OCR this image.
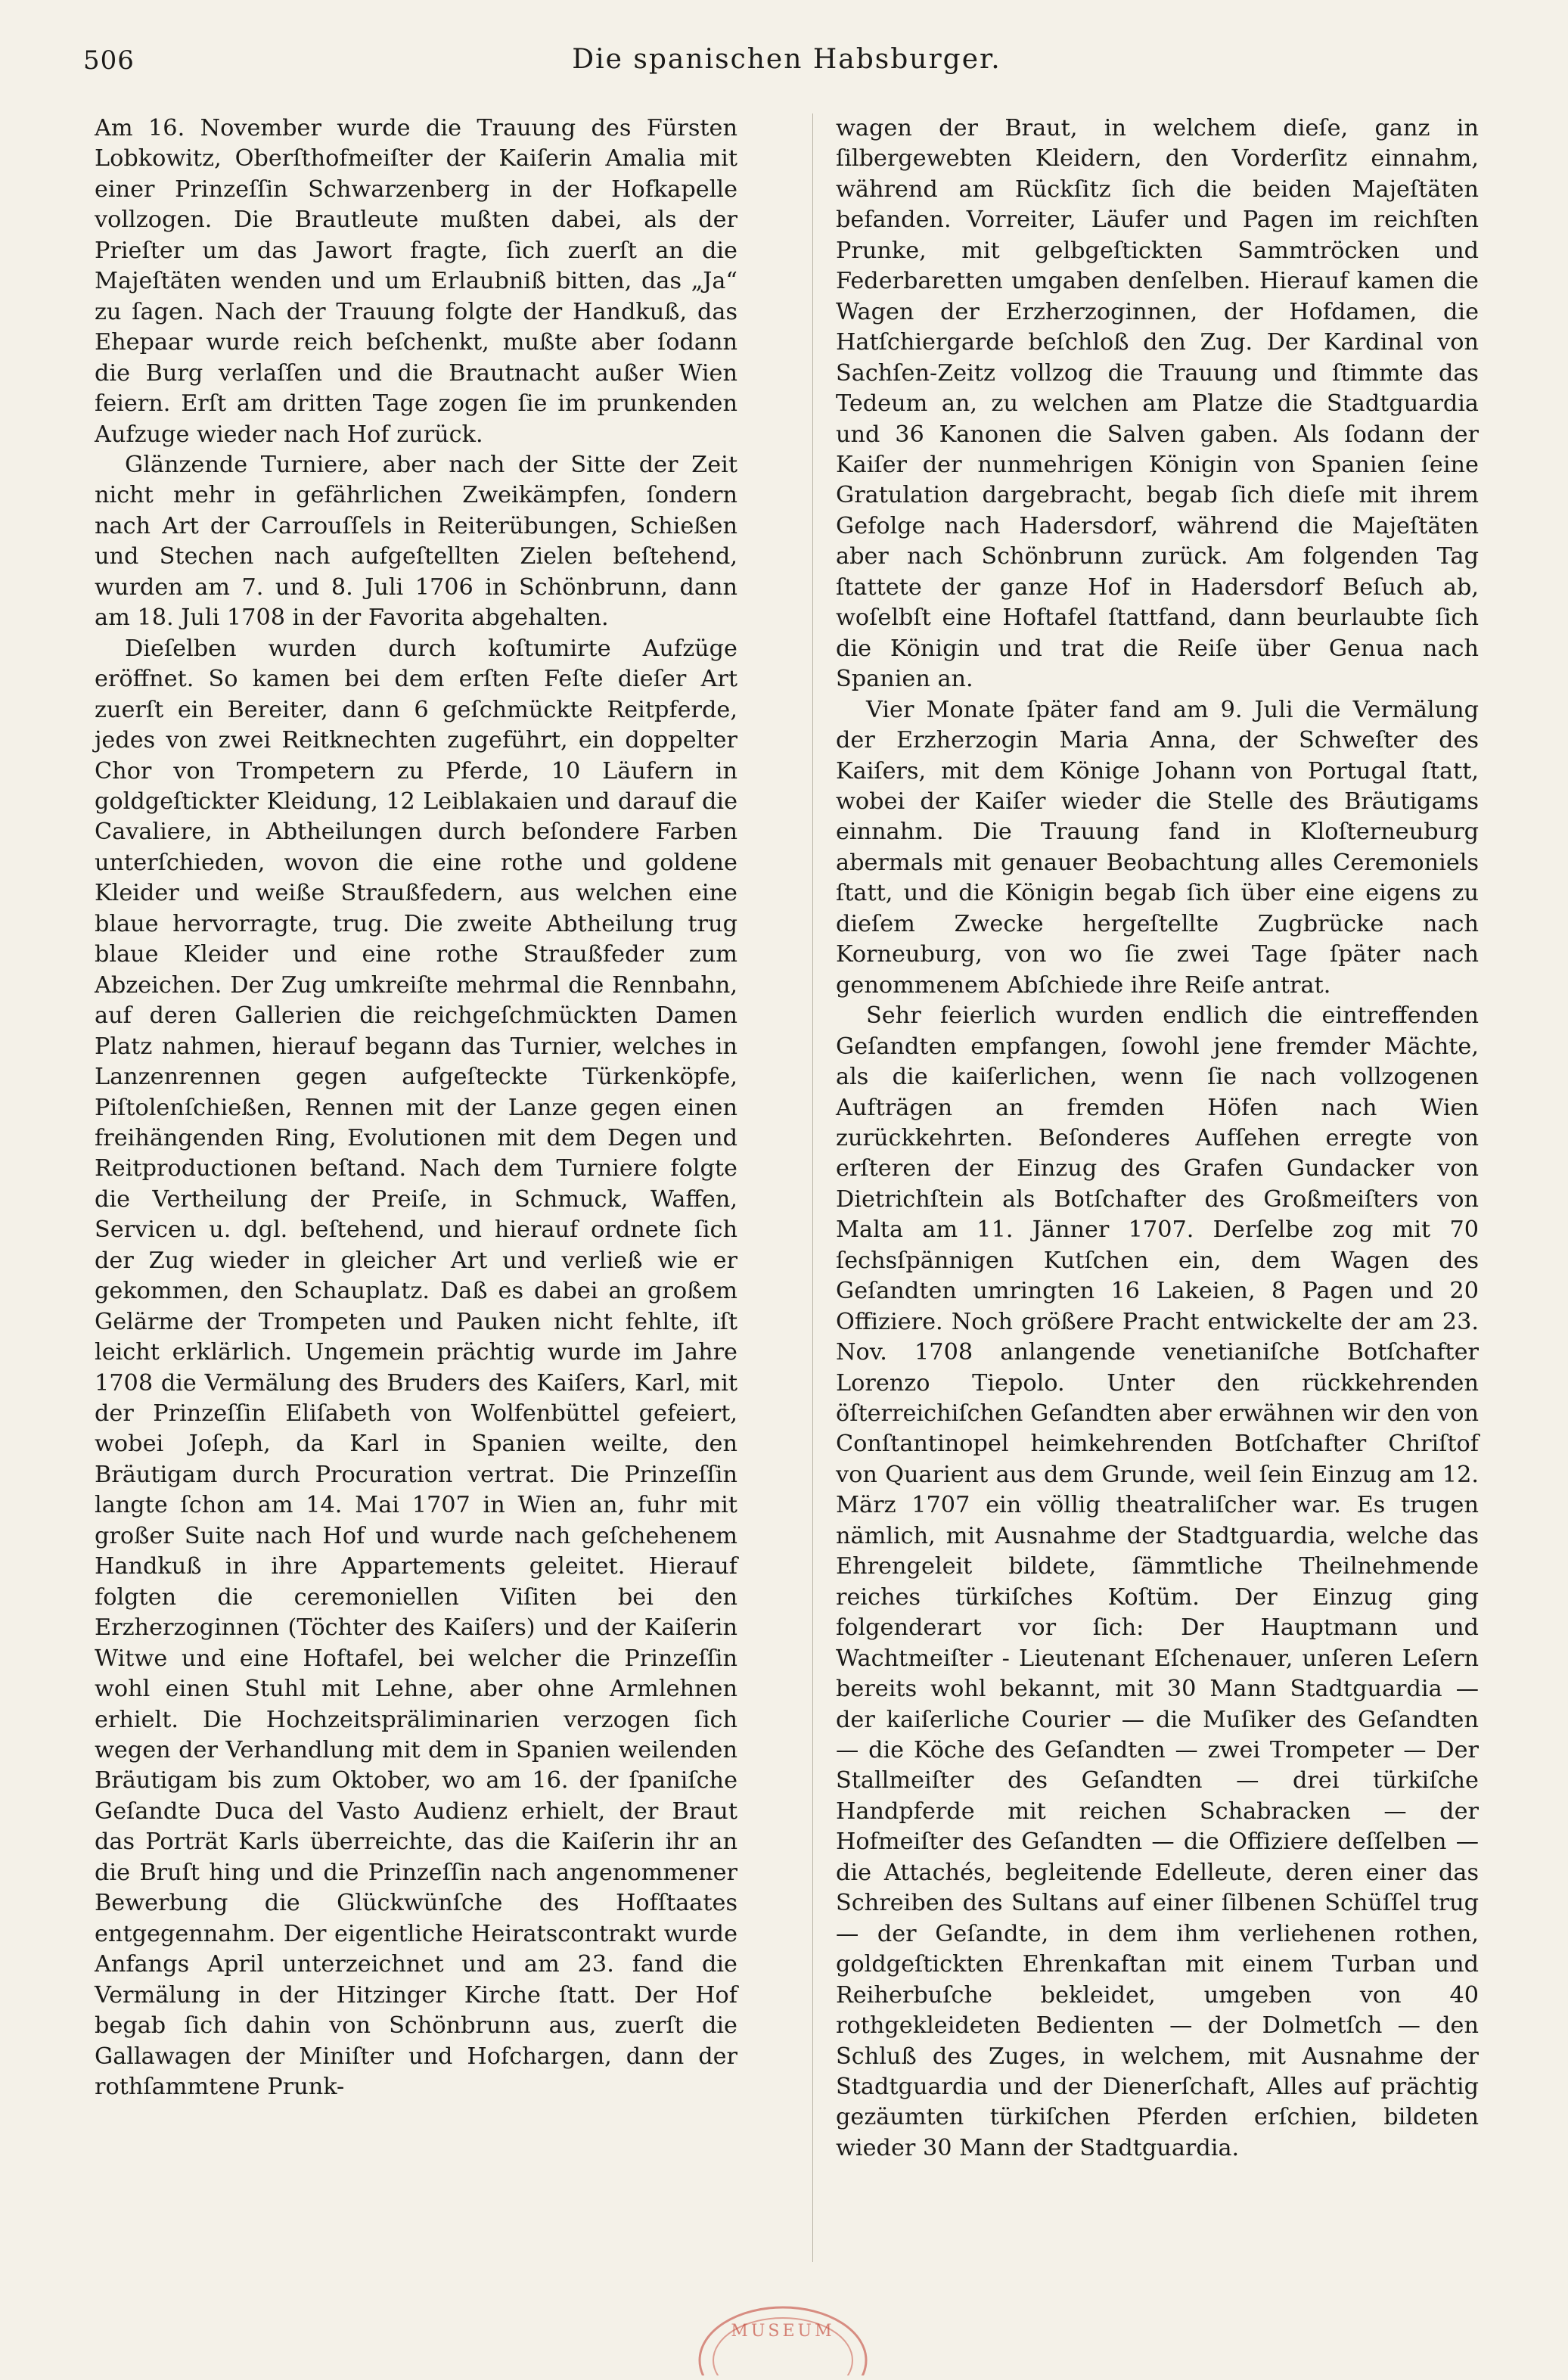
506	Die spanischen Habsburger.

Am 16. November wurde die Trauung des Fürsten Lobkowitz, Oberſthofmeiſter der Kaiſerin Amalia mit einer Prinzeſſin Schwarzenberg in der Hofkapelle vollzogen. Die Brautleute mußten dabei, als der Prieſter um das Jawort fragte, ſich zuerſt an die Majeſtäten wenden und um Erlaubniß bitten, das „Ja“ zu ſagen. Nach der Trauung folgte der Handkuß, das Ehepaar wurde reich beſchenkt, mußte aber ſodann die Burg verlaſſen und die Brautnacht außer Wien feiern. Erſt am dritten Tage zogen ſie im prunkenden Aufzuge wieder nach Hof zurück.

Glänzende Turniere, aber nach der Sitte der Zeit nicht mehr in gefährlichen Zweikämpfen, ſondern nach Art der Carrouſſels in Reiterübungen, Schießen und Stechen nach aufgeſtellten Zielen beſtehend, wurden am 7. und 8. Juli 1706 in Schönbrunn, dann am 18. Juli 1708 in der Favorita abgehalten.

Dieſelben wurden durch koſtumirte Aufzüge eröffnet. So kamen bei dem erſten Feſte dieſer Art zuerſt ein Bereiter, dann 6 geſchmückte Reitpferde, jedes von zwei Reitknechten zugeführt, ein doppelter Chor von Trompetern zu Pferde, 10 Läufern in goldgeſtickter Kleidung, 12 Leiblakaien und darauf die Cavaliere, in Abtheilungen durch beſondere Farben unterſchieden, wovon die eine rothe und goldene Kleider und weiße Straußfedern, aus welchen eine blaue hervorragte, trug. Die zweite Abtheilung trug blaue Kleider und eine rothe Straußfeder zum Abzeichen. Der Zug umkreiſte mehrmal die Rennbahn, auf deren Gallerien die reichgeſchmückten Damen Platz nahmen, hierauf begann das Turnier, welches in Lanzenrennen gegen aufgeſteckte Türkenköpfe, Piſtolenſchießen, Rennen mit der Lanze gegen einen freihängenden Ring, Evolutionen mit dem Degen und Reitproductionen beſtand. Nach dem Turniere folgte die Vertheilung der Preiſe, in Schmuck, Waffen, Servicen u. dgl. beſtehend, und hierauf ordnete ſich der Zug wieder in gleicher Art und verließ wie er gekommen, den Schauplatz. Daß es dabei an großem Gelärme der Trompeten und Pauken nicht fehlte, iſt leicht erklärlich. Ungemein prächtig wurde im Jahre 1708 die Vermälung des Bruders des Kaiſers, Karl, mit der Prinzeſſin Eliſabeth von Wolfenbüttel gefeiert, wobei Joſeph, da Karl in Spanien weilte, den Bräutigam durch Procuration vertrat. Die Prinzeſſin langte ſchon am 14. Mai 1707 in Wien an, fuhr mit großer Suite nach Hof und wurde nach geſchehenem Handkuß in ihre Appartements geleitet. Hierauf folgten die ceremoniellen Viſiten bei den Erzherzoginnen (Töchter des Kaiſers) und der Kaiſerin Witwe und eine Hoftafel, bei welcher die Prinzeſſin wohl einen Stuhl mit Lehne, aber ohne Armlehnen erhielt. Die Hochzeitspräliminarien verzogen ſich wegen der Verhandlung mit dem in Spanien weilenden Bräutigam bis zum Oktober, wo am 16. der ſpaniſche Geſandte Duca del Vasto Audienz erhielt, der Braut das Porträt Karls überreichte, das die Kaiſerin ihr an die Bruſt hing und die Prinzeſſin nach angenommener Bewerbung die Glückwünſche des Hofſtaates entgegennahm. Der eigentliche Heiratscontrakt wurde Anfangs April unterzeichnet und am 23. fand die Vermälung in der Hitzinger Kirche ſtatt. Der Hof begab ſich dahin von Schönbrunn aus, zuerſt die Gallawagen der Miniſter und Hofchargen, dann der rothſammtene Prunk-

wagen der Braut, in welchem dieſe, ganz in ſilbergewebten Kleidern, den Vorderſitz einnahm, während am Rückſitz ſich die beiden Majeſtäten befanden. Vorreiter, Läufer und Pagen im reichſten Prunke, mit gelbgeſtickten Sammtröcken und Federbaretten umgaben denſelben. Hierauf kamen die Wagen der Erzherzoginnen, der Hofdamen, die Hatſchiergarde beſchloß den Zug. Der Kardinal von Sachſen-Zeitz vollzog die Trauung und ſtimmte das Tedeum an, zu welchen am Platze die Stadtguardia und 36 Kanonen die Salven gaben. Als ſodann der Kaiſer der nunmehrigen Königin von Spanien ſeine Gratulation dargebracht, begab ſich dieſe mit ihrem Gefolge nach Hadersdorf, während die Majeſtäten aber nach Schönbrunn zurück. Am folgenden Tag ſtattete der ganze Hof in Hadersdorf Beſuch ab, woſelbſt eine Hoftafel ſtattfand, dann beurlaubte ſich die Königin und trat die Reiſe über Genua nach Spanien an.

Vier Monate ſpäter fand am 9. Juli die Vermälung der Erzherzogin Maria Anna, der Schweſter des Kaiſers, mit dem Könige Johann von Portugal ſtatt, wobei der Kaiſer wieder die Stelle des Bräutigams einnahm. Die Trauung fand in Kloſterneuburg abermals mit genauer Beobachtung alles Ceremoniels ſtatt, und die Königin begab ſich über eine eigens zu dieſem Zwecke hergeſtellte Zugbrücke nach Korneuburg, von wo ſie zwei Tage ſpäter nach genommenem Abſchiede ihre Reiſe antrat.

Sehr feierlich wurden endlich die eintreffenden Geſandten empfangen, ſowohl jene fremder Mächte, als die kaiſerlichen, wenn ſie nach vollzogenen Aufträgen an fremden Höfen nach Wien zurückkehrten. Beſonderes Aufſehen erregte von erſteren der Einzug des Grafen Gundacker von Dietrichſtein als Botſchafter des Großmeiſters von Malta am 11. Jänner 1707. Derſelbe zog mit 70 ſechsſpännigen Kutſchen ein, dem Wagen des Geſandten umringten 16 Lakeien, 8 Pagen und 20 Offiziere. Noch größere Pracht entwickelte der am 23. Nov. 1708 anlangende venetianiſche Botſchafter Lorenzo Tiepolo. Unter den rückkehrenden öſterreichiſchen Geſandten aber erwähnen wir den von Conſtantinopel heimkehrenden Botſchafter Chriſtof von Quarient aus dem Grunde, weil ſein Einzug am 12. März 1707 ein völlig theatraliſcher war. Es trugen nämlich, mit Ausnahme der Stadtguardia, welche das Ehrengeleit bildete, ſämmtliche Theilnehmende reiches türkiſches Koſtüm. Der Einzug ging folgenderart vor ſich: Der Hauptmann und Wachtmeiſter - Lieutenant Eſchenauer, unſeren Leſern bereits wohl bekannt, mit 30 Mann Stadtguardia — der kaiſerliche Courier — die Muſiker des Geſandten — die Köche des Geſandten — zwei Trompeter — Der Stallmeiſter des Geſandten — drei türkiſche Handpferde mit reichen Schabracken — der Hofmeiſter des Geſandten — die Offiziere deſſelben — die Attachés, begleitende Edelleute, deren einer das Schreiben des Sultans auf einer ſilbenen Schüſſel trug — der Geſandte, in dem ihm verliehenen rothen, goldgeſtickten Ehrenkaftan mit einem Turban und Reiherbuſche bekleidet, umgeben von 40 rothgekleideten Bedienten — der Dolmetſch — den Schluß des Zuges, in welchem, mit Ausnahme der Stadtguardia und der Dienerſchaft, Alles auf prächtig gezäumten türkiſchen Pferden erſchien, bildeten wieder 30 Mann der Stadtguardia.

MUSEUM
